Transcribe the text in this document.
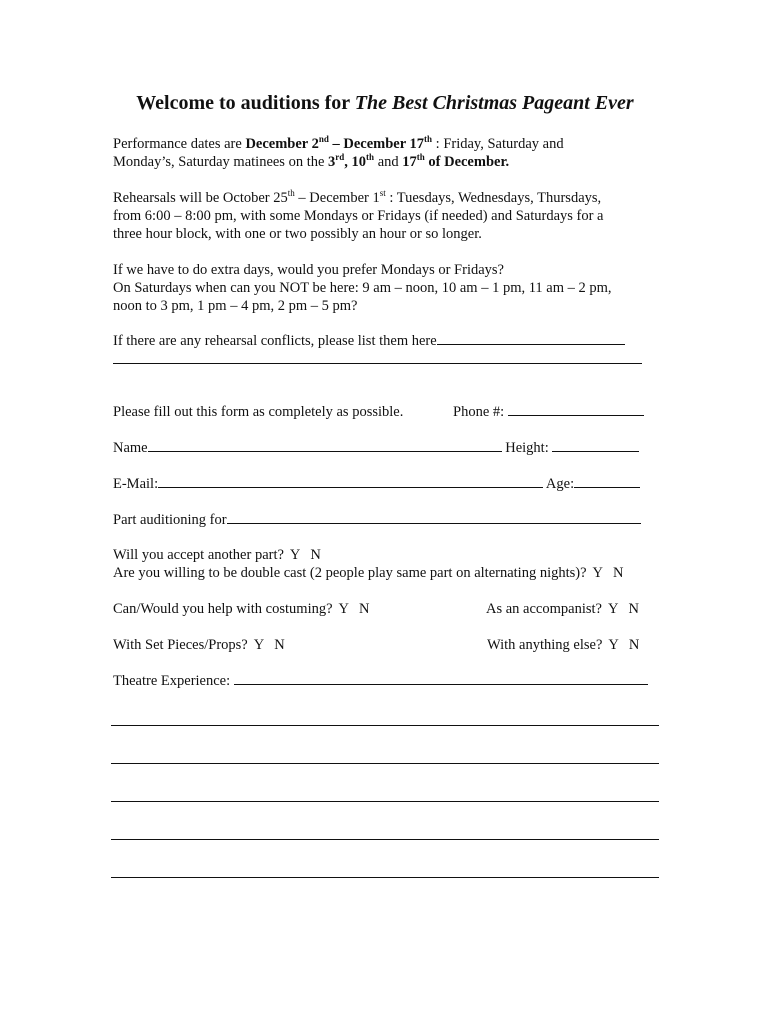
Welcome to auditions for The Best Christmas Pageant Ever
Performance dates are December 2nd – December 17th : Friday, Saturday and
Monday’s, Saturday matinees on the 3rd, 10th and 17th of December.
Rehearsals will be October 25th – December 1st : Tuesdays, Wednesdays, Thursdays,
from 6:00 – 8:00 pm, with some Mondays or Fridays (if needed) and Saturdays for a
three hour block, with one or two possibly an hour or so longer.
If we have to do extra days, would you prefer Mondays or Fridays?
On Saturdays when can you NOT be here: 9 am – noon, 10 am – 1 pm, 11 am – 2 pm,
noon to 3 pm, 1 pm – 4 pm, 2 pm – 5 pm?
If there are any rehearsal conflicts, please list them here
Please fill out this form as completely as possible.	Phone #:
Name	Height:
E-Mail:	Age:
Part auditioning for
Will you accept another part? Y N
Are you willing to be double cast (2 people play same part on alternating nights)? Y N
Can/Would you help with costuming? Y N	As an accompanist? Y N
With Set Pieces/Props? Y N	With anything else? Y N
Theatre Experience:
